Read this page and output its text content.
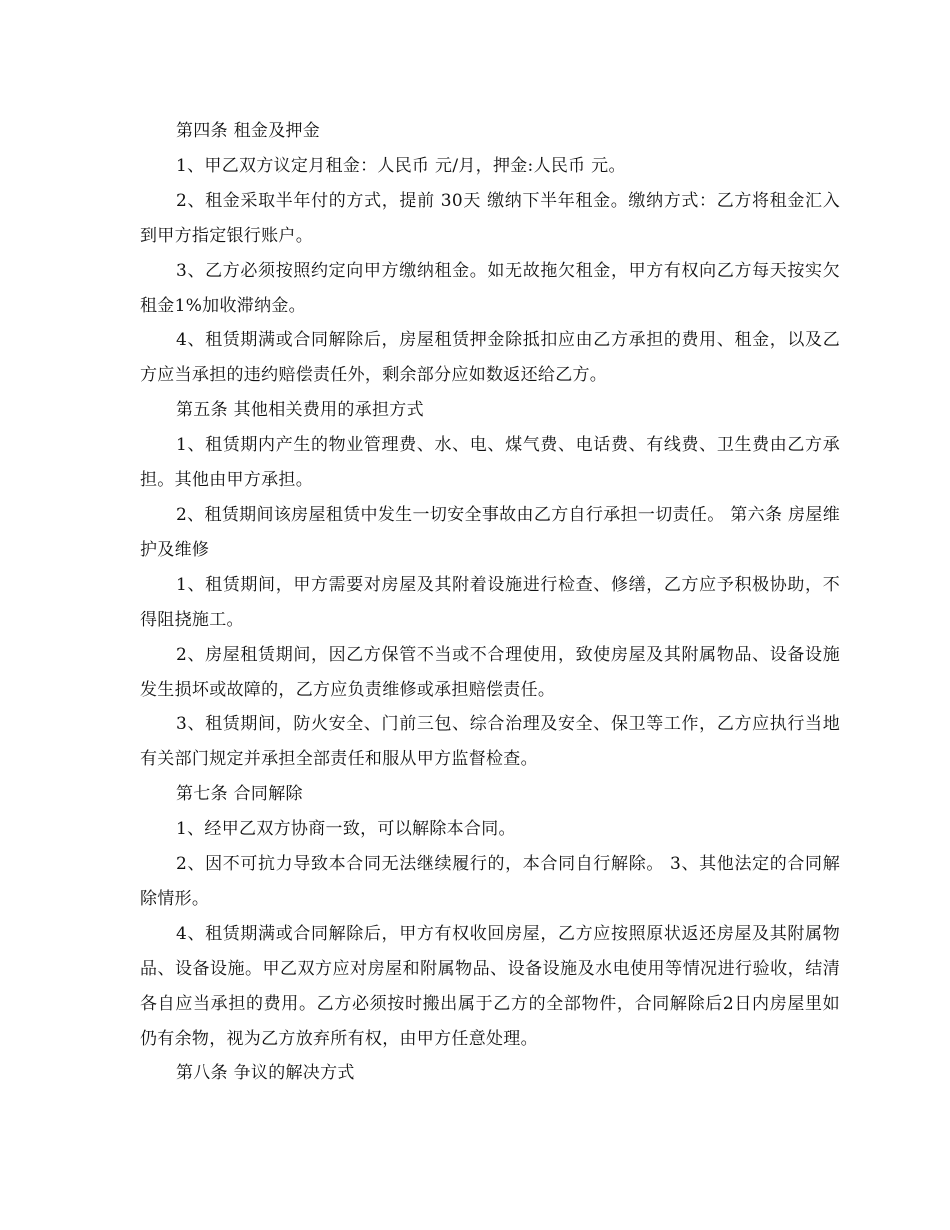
第四条 租金及押金

1、甲乙双方议定月租金：人民币 元/月，押金:人民币 元。

2、租金采取半年付的方式，提前 30天 缴纳下半年租金。缴纳方式：乙方将租金汇入到甲方指定银行账户。

3、乙方必须按照约定向甲方缴纳租金。如无故拖欠租金，甲方有权向乙方每天按实欠租金1%加收滞纳金。

4、租赁期满或合同解除后，房屋租赁押金除抵扣应由乙方承担的费用、租金，以及乙方应当承担的违约赔偿责任外，剩余部分应如数返还给乙方。

第五条 其他相关费用的承担方式

1、租赁期内产生的物业管理费、水、电、煤气费、电话费、有线费、卫生费由乙方承担。其他由甲方承担。

2、租赁期间该房屋租赁中发生一切安全事故由乙方自行承担一切责任。 第六条 房屋维护及维修

1、租赁期间，甲方需要对房屋及其附着设施进行检查、修缮，乙方应予积极协助，不得阻挠施工。

2、房屋租赁期间，因乙方保管不当或不合理使用，致使房屋及其附属物品、设备设施发生损坏或故障的，乙方应负责维修或承担赔偿责任。

3、租赁期间，防火安全、门前三包、综合治理及安全、保卫等工作，乙方应执行当地有关部门规定并承担全部责任和服从甲方监督检查。

第七条 合同解除

1、经甲乙双方协商一致，可以解除本合同。

2、因不可抗力导致本合同无法继续履行的，本合同自行解除。 3、其他法定的合同解除情形。

4、租赁期满或合同解除后，甲方有权收回房屋，乙方应按照原状返还房屋及其附属物品、设备设施。甲乙双方应对房屋和附属物品、设备设施及水电使用等情况进行验收，结清各自应当承担的费用。乙方必须按时搬出属于乙方的全部物件，合同解除后2日内房屋里如仍有余物，视为乙方放弃所有权，由甲方任意处理。

第八条 争议的解决方式
